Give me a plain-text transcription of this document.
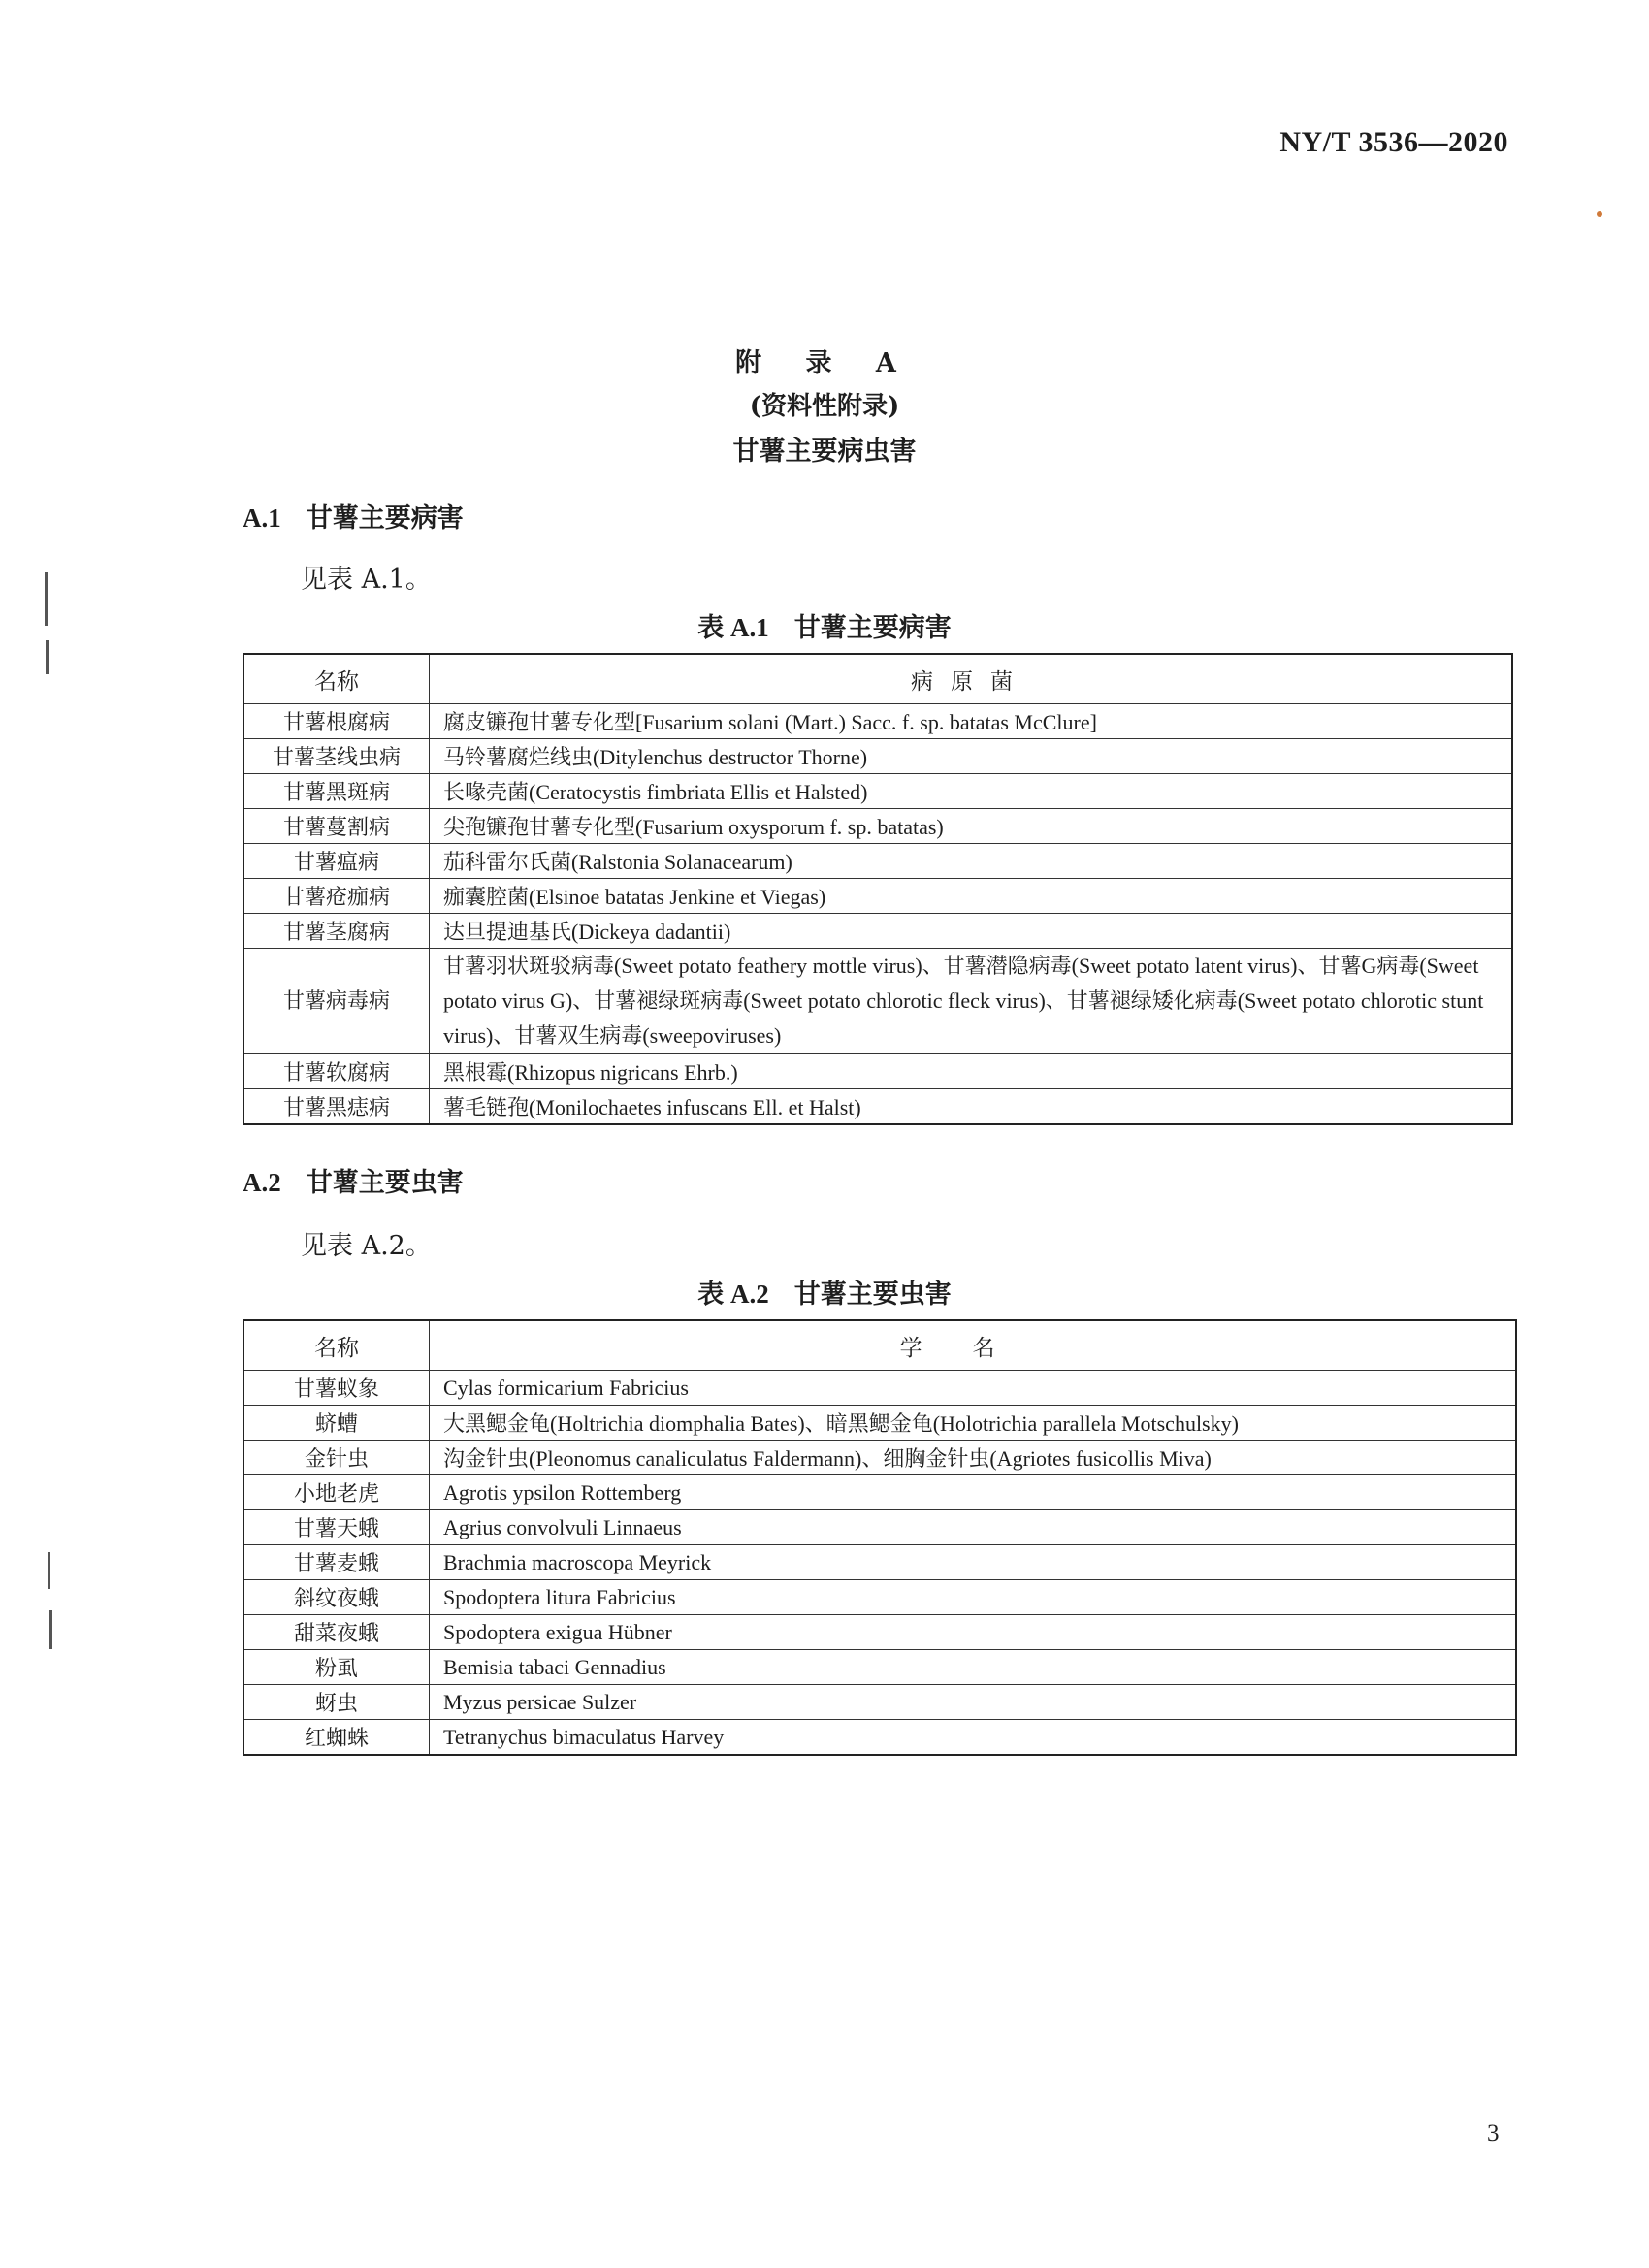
NY/T 3536—2020
附 录 A
(资料性附录)
甘薯主要病虫害
A.1 甘薯主要病害
见表 A.1。
表 A.1 甘薯主要病害
名称	病原菌
甘薯根腐病	腐皮镰孢甘薯专化型[Fusarium solani (Mart.) Sacc. f. sp. batatas McClure]
甘薯茎线虫病	马铃薯腐烂线虫(Ditylenchus destructor Thorne)
甘薯黑斑病	长喙壳菌(Ceratocystis fimbriata Ellis et Halsted)
甘薯蔓割病	尖孢镰孢甘薯专化型(Fusarium oxysporum f. sp. batatas)
甘薯瘟病	茄科雷尔氏菌(Ralstonia Solanacearum)
甘薯疮痂病	痂囊腔菌(Elsinoe batatas Jenkine et Viegas)
甘薯茎腐病	达旦提迪基氏(Dickeya dadantii)
甘薯病毒病	甘薯羽状斑驳病毒(Sweet potato feathery mottle virus)、甘薯潜隐病毒(Sweet potato latent virus)、甘薯G病毒(Sweet potato virus G)、甘薯褪绿斑病毒(Sweet potato chlorotic fleck virus)、甘薯褪绿矮化病毒(Sweet potato chlorotic stunt virus)、甘薯双生病毒(sweepoviruses)
甘薯软腐病	黑根霉(Rhizopus nigricans Ehrb.)
甘薯黑痣病	薯毛链孢(Monilochaetes infuscans Ell. et Halst)
A.2 甘薯主要虫害
见表 A.2。
表 A.2 甘薯主要虫害
名称	学名
甘薯蚁象	Cylas formicarium Fabricius
蛴螬	大黑鳃金龟(Holtrichia diomphalia Bates)、暗黑鳃金龟(Holotrichia parallela Motschulsky)
金针虫	沟金针虫(Pleonomus canaliculatus Faldermann)、细胸金针虫(Agriotes fusicollis Miva)
小地老虎	Agrotis ypsilon Rottemberg
甘薯天蛾	Agrius convolvuli Linnaeus
甘薯麦蛾	Brachmia macroscopa Meyrick
斜纹夜蛾	Spodoptera litura Fabricius
甜菜夜蛾	Spodoptera exigua Hübner
粉虱	Bemisia tabaci Gennadius
蚜虫	Myzus persicae Sulzer
红蜘蛛	Tetranychus bimaculatus Harvey
3
